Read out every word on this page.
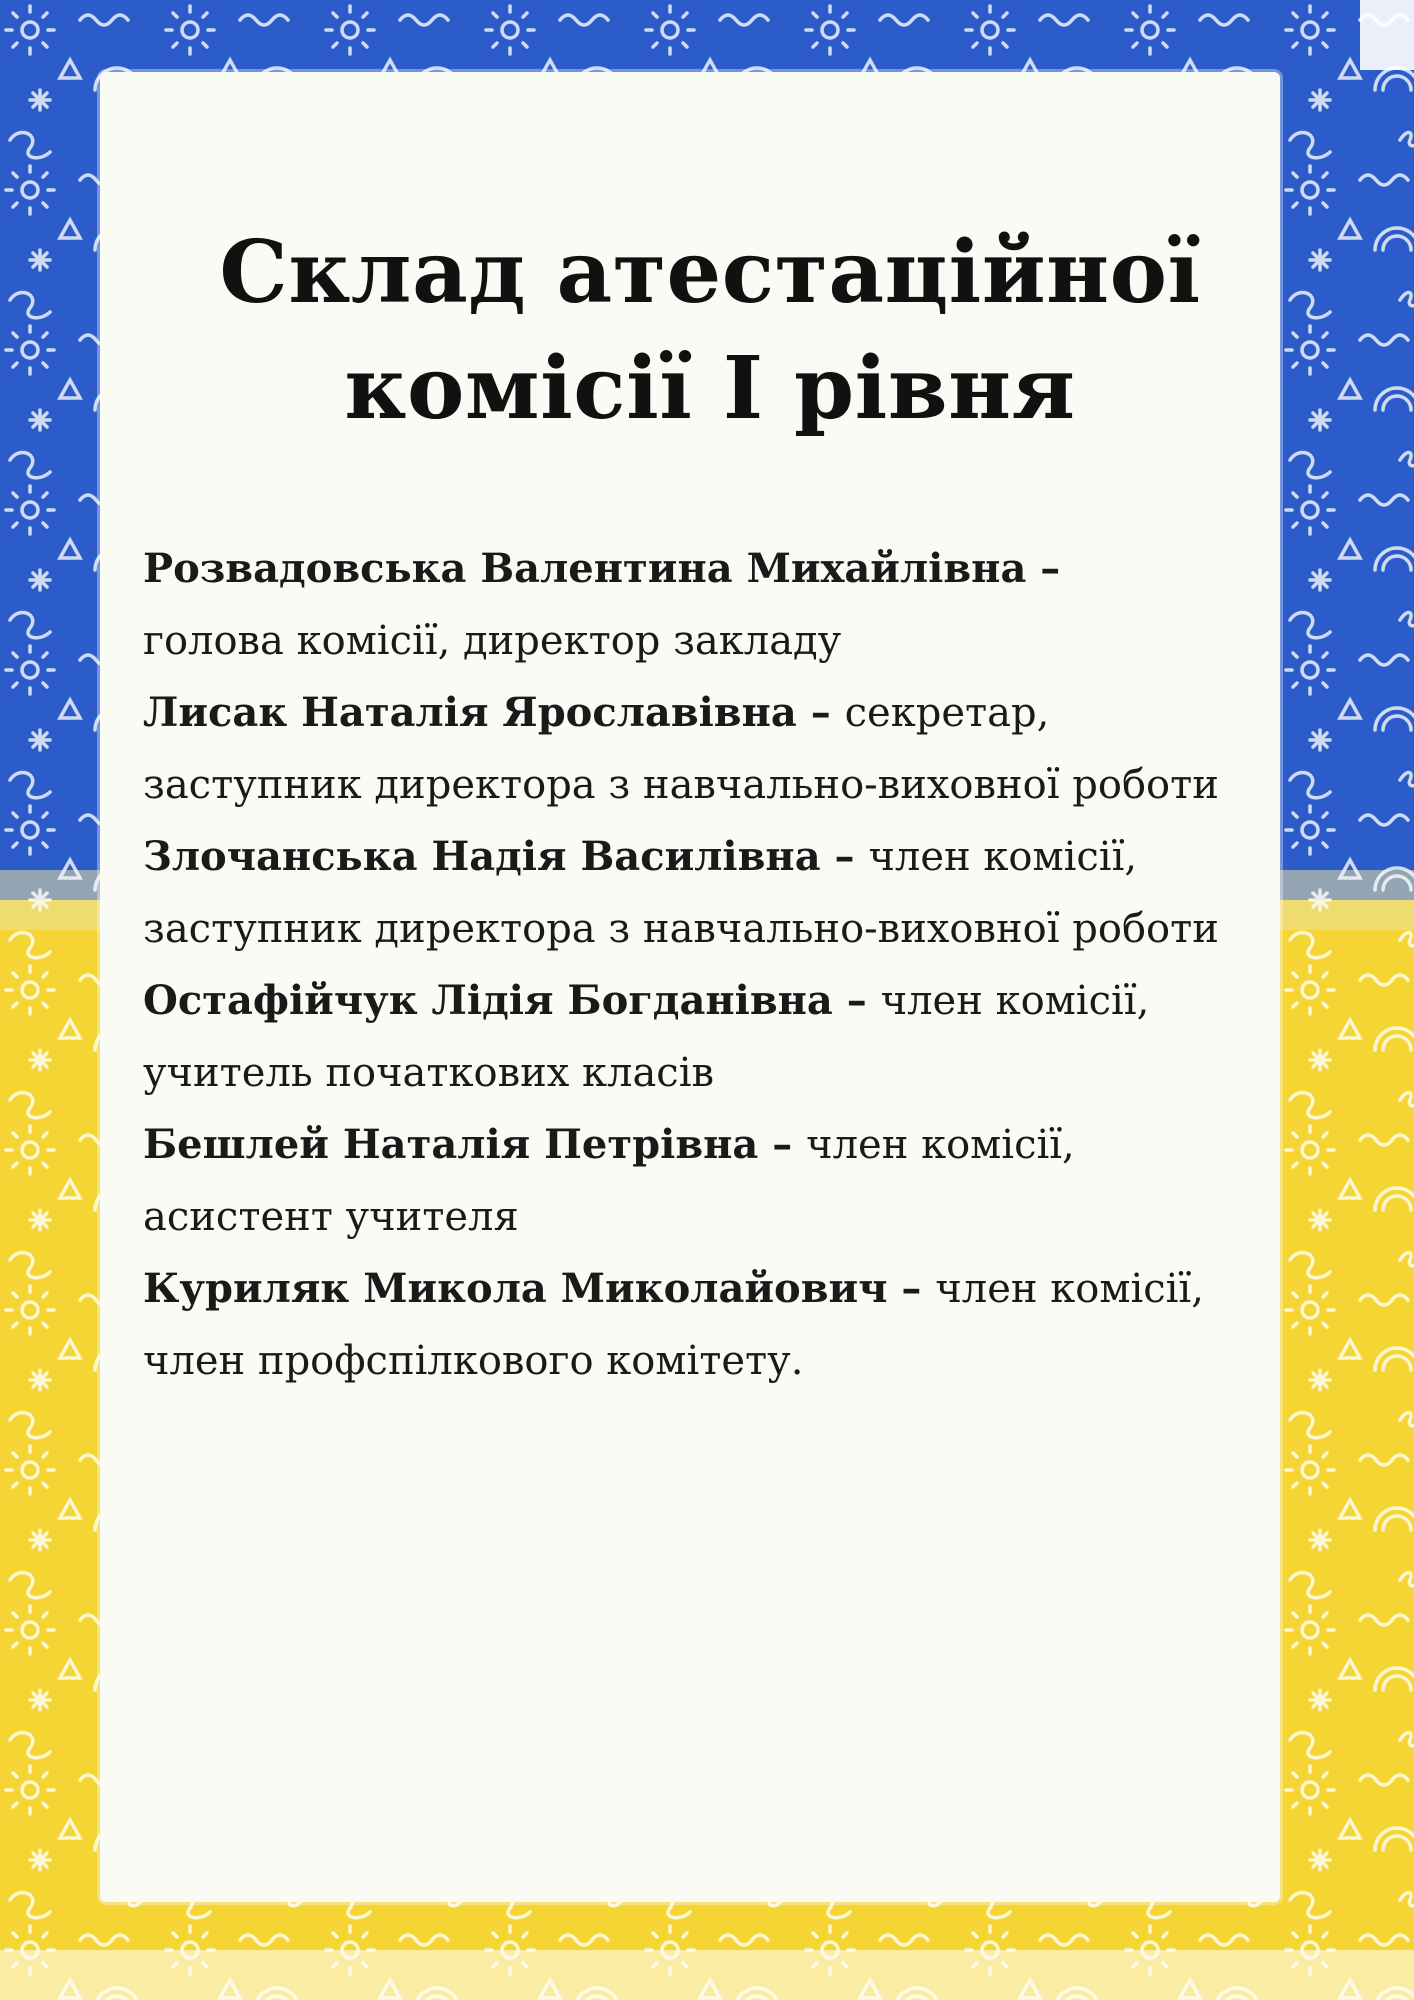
Склад атестаційної
комісії І рівня

Розвадовська Валентина Михайлівна –
голова комісії, директор закладу

Лисак Наталія Ярославівна – секретар, заступник директора з навчально-виховної роботи

Злочанська Надія Василівна – член комісії, заступник директора з навчально-виховної роботи

Остафійчук Лідія Богданівна – член комісії, учитель початкових класів

Бешлей Наталія Петрівна – член комісії, асистент учителя

Куриляк Микола Миколайович – член комісії, член профспілкового комітету.
